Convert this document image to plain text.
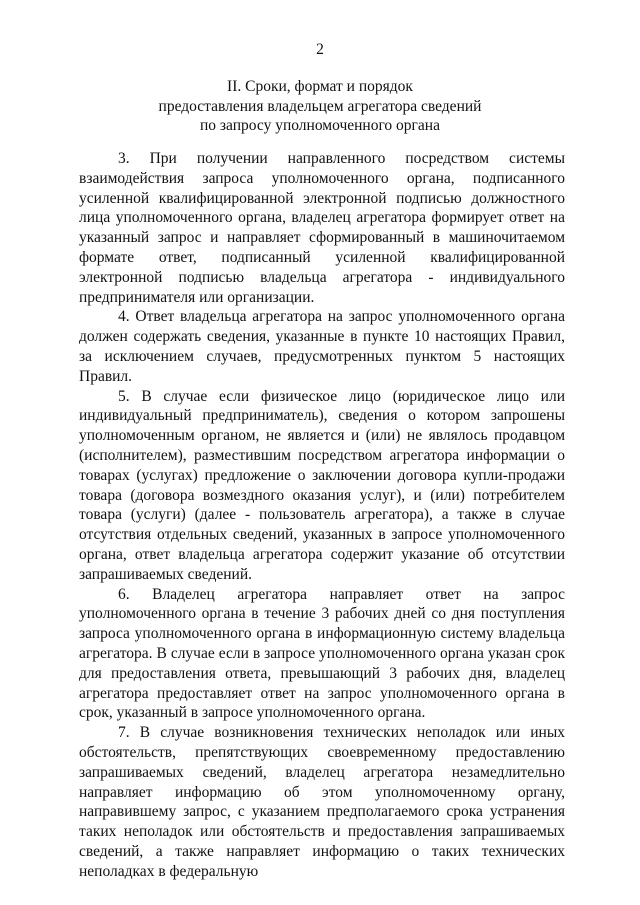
2
II. Сроки, формат и порядок
предоставления владельцем агрегатора сведений
по запросу уполномоченного органа

3. При получении направленного посредством системы взаимодействия запроса уполномоченного органа, подписанного усиленной квалифицированной электронной подписью должностного лица уполномоченного органа, владелец агрегатора формирует ответ на указанный запрос и направляет сформированный в машиночитаемом формате ответ, подписанный усиленной квалифицированной электронной подписью владельца агрегатора - индивидуального предпринимателя или организации.

4. Ответ владельца агрегатора на запрос уполномоченного органа должен содержать сведения, указанные в пункте 10 настоящих Правил, за исключением случаев, предусмотренных пунктом 5 настоящих Правил.

5. В случае если физическое лицо (юридическое лицо или индивидуальный предприниматель), сведения о котором запрошены уполномоченным органом, не является и (или) не являлось продавцом (исполнителем), разместившим посредством агрегатора информации о товарах (услугах) предложение о заключении договора купли-продажи товара (договора возмездного оказания услуг), и (или) потребителем товара (услуги) (далее - пользователь агрегатора), а также в случае отсутствия отдельных сведений, указанных в запросе уполномоченного органа, ответ владельца агрегатора содержит указание об отсутствии запрашиваемых сведений.

6. Владелец агрегатора направляет ответ на запрос уполномоченного органа в течение 3 рабочих дней со дня поступления запроса уполномоченного органа в информационную систему владельца агрегатора. В случае если в запросе уполномоченного органа указан срок для предоставления ответа, превышающий 3 рабочих дня, владелец агрегатора предоставляет ответ на запрос уполномоченного органа в срок, указанный в запросе уполномоченного органа.

7. В случае возникновения технических неполадок или иных обстоятельств, препятствующих своевременному предоставлению запрашиваемых сведений, владелец агрегатора незамедлительно направляет информацию об этом уполномоченному органу, направившему запрос, с указанием предполагаемого срока устранения таких неполадок или обстоятельств и предоставления запрашиваемых сведений, а также направляет информацию о таких технических неполадках в федеральную
